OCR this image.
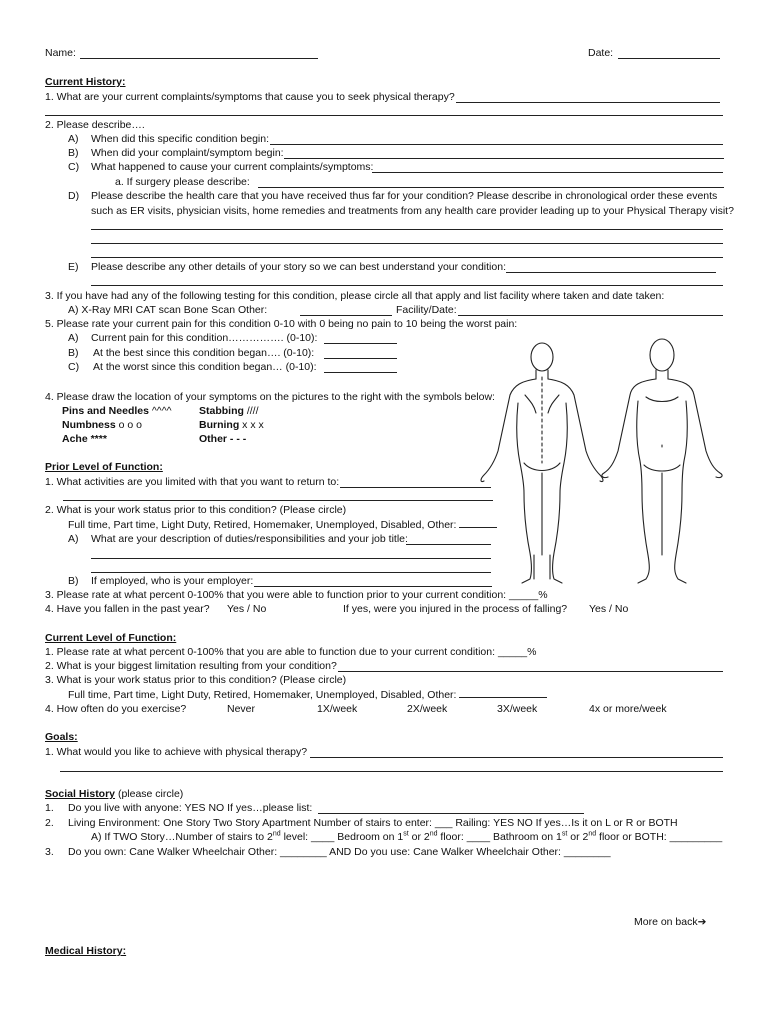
Name:	Date:
Current History:
1. What are your current complaints/symptoms that cause you to seek physical therapy?
2. Please describe….
A) When did this specific condition begin:
B) When did your complaint/symptom begin:
C) What happened to cause your current complaints/symptoms:
a. If surgery please describe:
D) Please describe the health care that you have received thus far for your condition? Please describe in chronological order these events
such as ER visits, physician visits, home remedies and treatments from any health care provider leading up to your Physical Therapy visit?
E) Please describe any other details of your story so we can best understand your condition:
3. If you have had any of the following testing for this condition, please circle all that apply and list facility where taken and date taken:
A) X-Ray MRI CAT scan Bone Scan Other:	Facility/Date:
5. Please rate your current pain for this condition 0-10 with 0 being no pain to 10 being the worst pain:
A) Current pain for this condition……………. (0-10):
B) At the best since this condition began…. (0-10):
C) At the worst since this condition began… (0-10):
4. Please draw the location of your symptoms on the pictures to the right with the symbols below:
Pins and Needles ^^^^	Stabbing ////
Numbness o o o	Burning x x x
Ache ****	Other - - -
Prior Level of Function:
1. What activities are you limited with that you want to return to:
2. What is your work status prior to this condition? (Please circle)
Full time, Part time, Light Duty, Retired, Homemaker, Unemployed, Disabled, Other:
A) What are your description of duties/responsibilities and your job title:
B) If employed, who is your employer:
3. Please rate at what percent 0-100% that you were able to function prior to your current condition: _____%
4. Have you fallen in the past year? Yes / No	If yes, were you injured in the process of falling? Yes / No
Current Level of Function:
1. Please rate at what percent 0-100% that you are able to function due to your current condition: _____%
2. What is your biggest limitation resulting from your condition?
3. What is your work status prior to this condition? (Please circle)
Full time, Part time, Light Duty, Retired, Homemaker, Unemployed, Disabled, Other:
4. How often do you exercise?	Never	1X/week	2X/week	3X/week	4x or more/week
Goals:
1. What would you like to achieve with physical therapy?
Social History (please circle)
1. Do you live with anyone: YES NO If yes…please list:
2. Living Environment: One Story Two Story Apartment Number of stairs to enter: ___ Railing: YES NO If yes…Is it on L or R or BOTH
A) If TWO Story…Number of stairs to 2nd level: ____ Bedroom on 1st or 2nd floor: ____ Bathroom on 1st or 2nd floor or BOTH: _________
3. Do you own: Cane Walker Wheelchair Other: ________ AND Do you use: Cane Walker Wheelchair Other: ________
More on back➔
Medical History:
